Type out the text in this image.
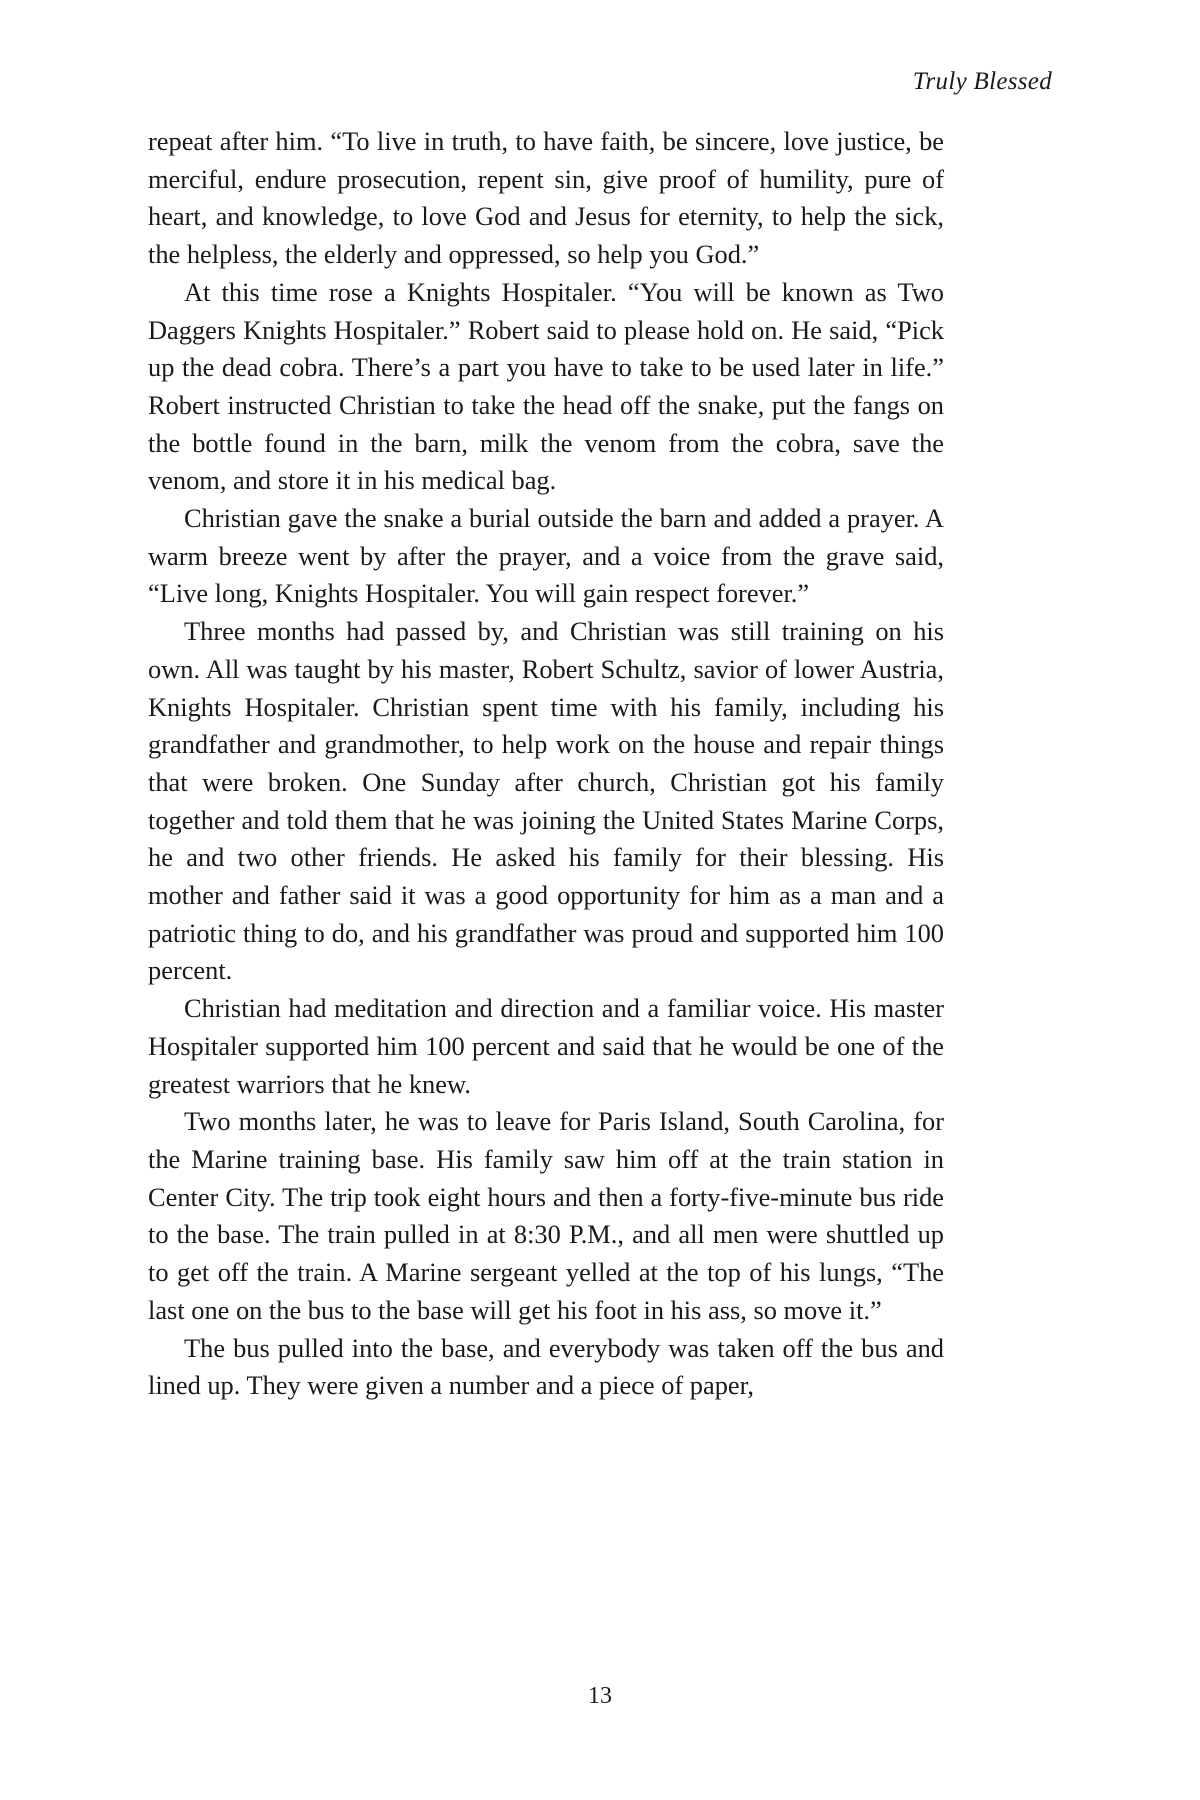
Truly Blessed

repeat after him. “To live in truth, to have faith, be sincere, love justice, be merciful, endure prosecution, repent sin, give proof of humility, pure of heart, and knowledge, to love God and Jesus for eternity, to help the sick, the helpless, the elderly and oppressed, so help you God.”

At this time rose a Knights Hospitaler. “You will be known as Two Daggers Knights Hospitaler.” Robert said to please hold on. He said, “Pick up the dead cobra. There’s a part you have to take to be used later in life.” Robert instructed Christian to take the head off the snake, put the fangs on the bottle found in the barn, milk the venom from the cobra, save the venom, and store it in his medical bag.

Christian gave the snake a burial outside the barn and added a prayer. A warm breeze went by after the prayer, and a voice from the grave said, “Live long, Knights Hospitaler. You will gain respect forever.”

Three months had passed by, and Christian was still training on his own. All was taught by his master, Robert Schultz, savior of lower Austria, Knights Hospitaler. Christian spent time with his family, including his grandfather and grandmother, to help work on the house and repair things that were broken. One Sunday after church, Christian got his family together and told them that he was joining the United States Marine Corps, he and two other friends. He asked his family for their blessing. His mother and father said it was a good opportunity for him as a man and a patriotic thing to do, and his grandfather was proud and supported him 100 percent.

Christian had meditation and direction and a familiar voice. His master Hospitaler supported him 100 percent and said that he would be one of the greatest warriors that he knew.

Two months later, he was to leave for Paris Island, South Carolina, for the Marine training base. His family saw him off at the train station in Center City. The trip took eight hours and then a forty-five-minute bus ride to the base. The train pulled in at 8:30 P.M., and all men were shuttled up to get off the train. A Marine sergeant yelled at the top of his lungs, “The last one on the bus to the base will get his foot in his ass, so move it.”

The bus pulled into the base, and everybody was taken off the bus and lined up. They were given a number and a piece of paper,

13
